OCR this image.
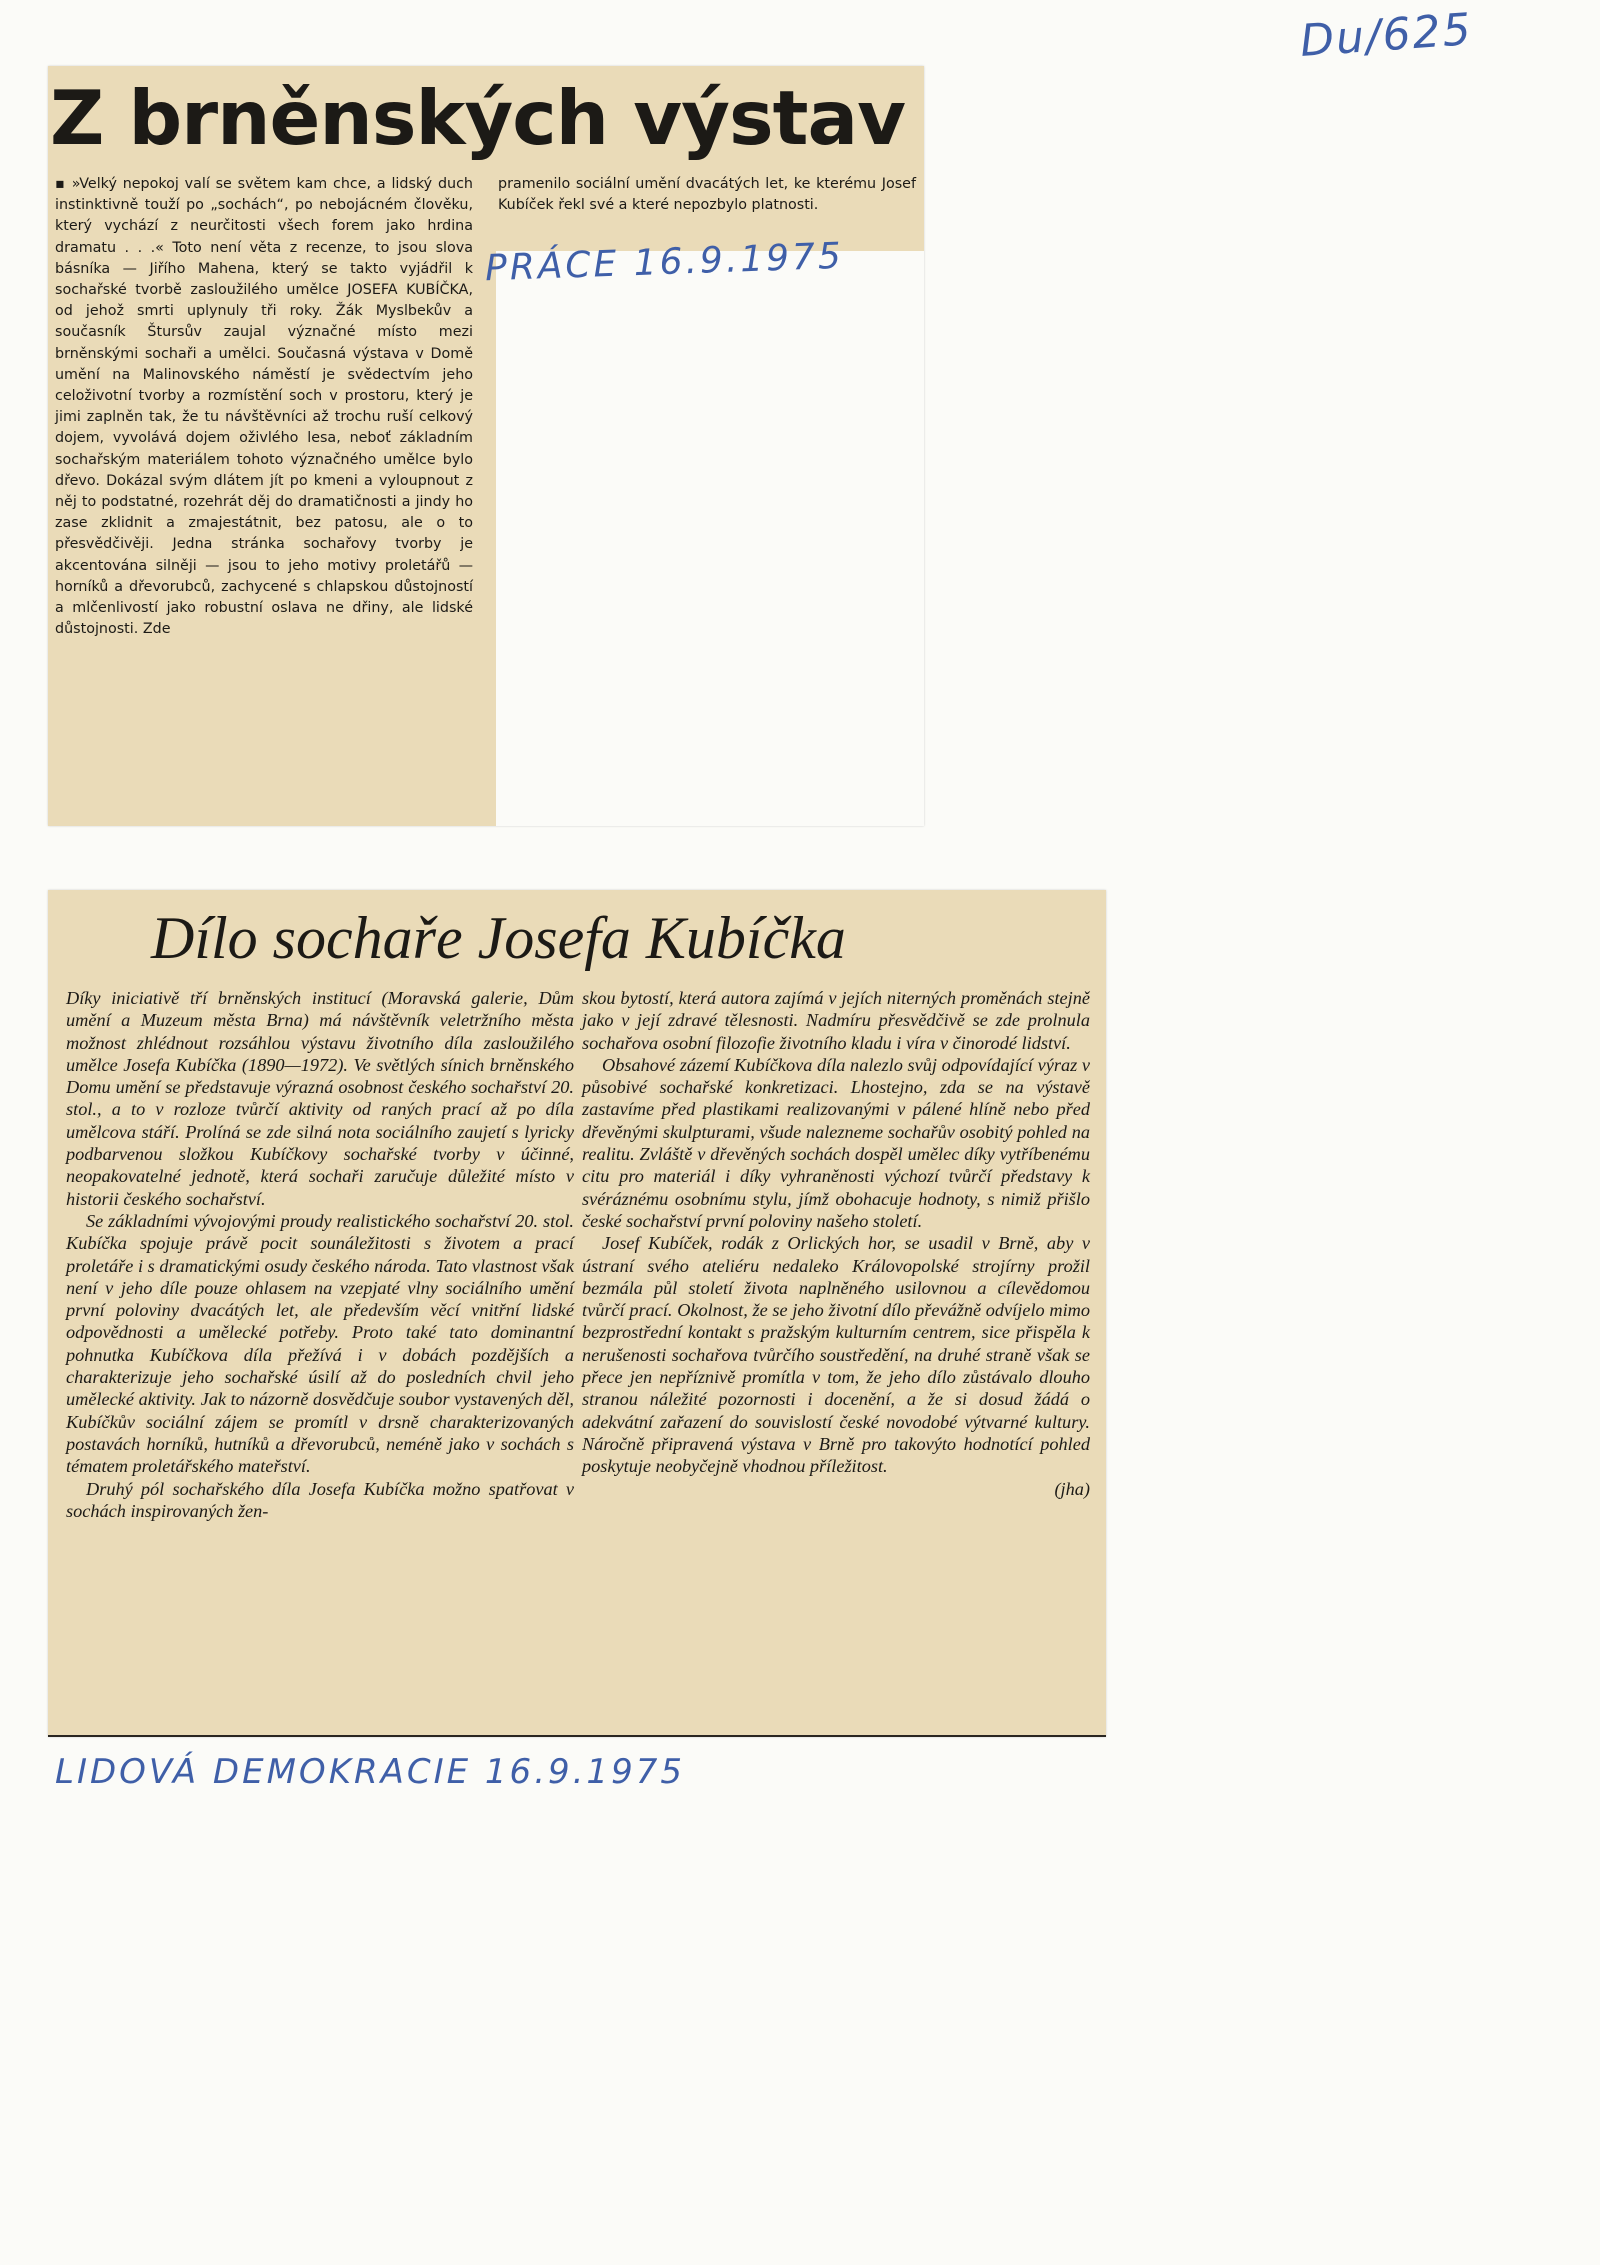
Du/625
Z brněnských výstav

▪ »Velký nepokoj valí se světem kam chce, a lidský duch instinktivně touží po „sochách“, po nebojácném člověku, který vychází z neurčitosti všech forem jako hrdina dramatu . . .« Toto není věta z recenze, to jsou slova básníka — Jiřího Mahena, který se takto vyjádřil k sochařské tvorbě zasloužilého umělce JOSEFA KUBÍČKA, od jehož smrti uplynuly tři roky. Žák Myslbekův a současník Štursův zaujal význačné místo mezi brněnskými sochaři a umělci. Současná výstava v Domě umění na Malinovského náměstí je svědectvím jeho celoživotní tvorby a rozmístění soch v prostoru, který je jimi zaplněn tak, že tu návštěvníci až trochu ruší celkový dojem, vyvolává dojem oživlého lesa, neboť základním sochařským materiálem tohoto význačného umělce bylo dřevo. Dokázal svým dlátem jít po kmeni a vyloupnout z něj to podstatné, rozehrát děj do dramatičnosti a jindy ho zase zklidnit a zmajestátnit, bez patosu, ale o to přesvědčivěji. Jedna stránka sochařovy tvorby je akcentována silněji — jsou to jeho motivy proletářů — horníků a dřevorubců, zachycené s chlapskou důstojností a mlčenlivostí jako robustní oslava ne dřiny, ale lidské důstojnosti. Zde

pramenilo sociální umění dvacátých let, ke kterému Josef Kubíček řekl své a které nepozbylo platnosti.

PRÁCE 16.9.1975
Dílo sochaře Josefa Kubíčka

Díky iniciativě tří brněnských institucí (Moravská galerie, Dům umění a Muzeum města Brna) má návštěvník veletržního města možnost zhlédnout rozsáhlou výstavu životního díla zasloužilého umělce Josefa Kubíčka (1890—1972). Ve světlých sínich brněnského Domu umění se představuje výrazná osobnost českého sochařství 20. stol., a to v rozloze tvůrčí aktivity od raných prací až po díla umělcova stáří. Prolíná se zde silná nota sociálního zaujetí s lyricky podbarvenou složkou Kubíčkovy sochařské tvorby v účinné, neopakovatelné jednotě, která sochaři zaručuje důležité místo v historii českého sochařství.

Se základními vývojovými proudy realistického sochařství 20. stol. Kubíčka spojuje právě pocit sounáležitosti s životem a prací proletáře i s dramatickými osudy českého národa. Tato vlastnost však není v jeho díle pouze ohlasem na vzepjaté vlny sociálního umění první poloviny dvacátých let, ale především věcí vnitřní lidské odpovědnosti a umělecké potřeby. Proto také tato dominantní pohnutka Kubíčkova díla přežívá i v dobách pozdějších a charakterizuje jeho sochařské úsilí až do posledních chvil jeho umělecké aktivity. Jak to názorně dosvědčuje soubor vystavených děl, Kubíčkův sociální zájem se promítl v drsně charakterizovaných postavách horníků, hutníků a dřevorubců, neméně jako v sochách s tématem proletářského mateřství.

Druhý pól sochařského díla Josefa Kubíčka možno spatřovat v sochách inspirovaných žen-

skou bytostí, která autora zajímá v jejích niterných proměnách stejně jako v její zdravé tělesnosti. Nadmíru přesvědčivě se zde prolnula sochařova osobní filozofie životního kladu i víra v činorodé lidství.

Obsahové zázemí Kubíčkova díla nalezlo svůj odpovídající výraz v působivé sochařské konkretizaci. Lhostejno, zda se na výstavě zastavíme před plastikami realizovanými v pálené hlíně nebo před dřevěnými skulpturami, všude nalezneme sochařův osobitý pohled na realitu. Zvláště v dřevěných sochách dospěl umělec díky vytříbenému citu pro materiál i díky vyhraněnosti výchozí tvůrčí představy k svéráznému osobnímu stylu, jímž obohacuje hodnoty, s nimiž přišlo české sochařství první poloviny našeho století.

Josef Kubíček, rodák z Orlických hor, se usadil v Brně, aby v ústraní svého ateliéru nedaleko Královopolské strojírny prožil bezmála půl století života naplněného usilovnou a cílevědomou tvůrčí prací. Okolnost, že se jeho životní dílo převážně odvíjelo mimo bezprostřední kontakt s pražským kulturním centrem, sice přispěla k nerušenosti sochařova tvůrčího soustředění, na druhé straně však se přece jen nepříznivě promítla v tom, že jeho dílo zůstávalo dlouho stranou náležité pozornosti i docenění, a že si dosud žádá o adekvátní zařazení do souvislostí české novodobé výtvarné kultury. Náročně připravená výstava v Brně pro takovýto hodnotící pohled poskytuje neobyčejně vhodnou příležitost.

(jha)

LIDOVÁ DEMOKRACIE 16.9.1975
